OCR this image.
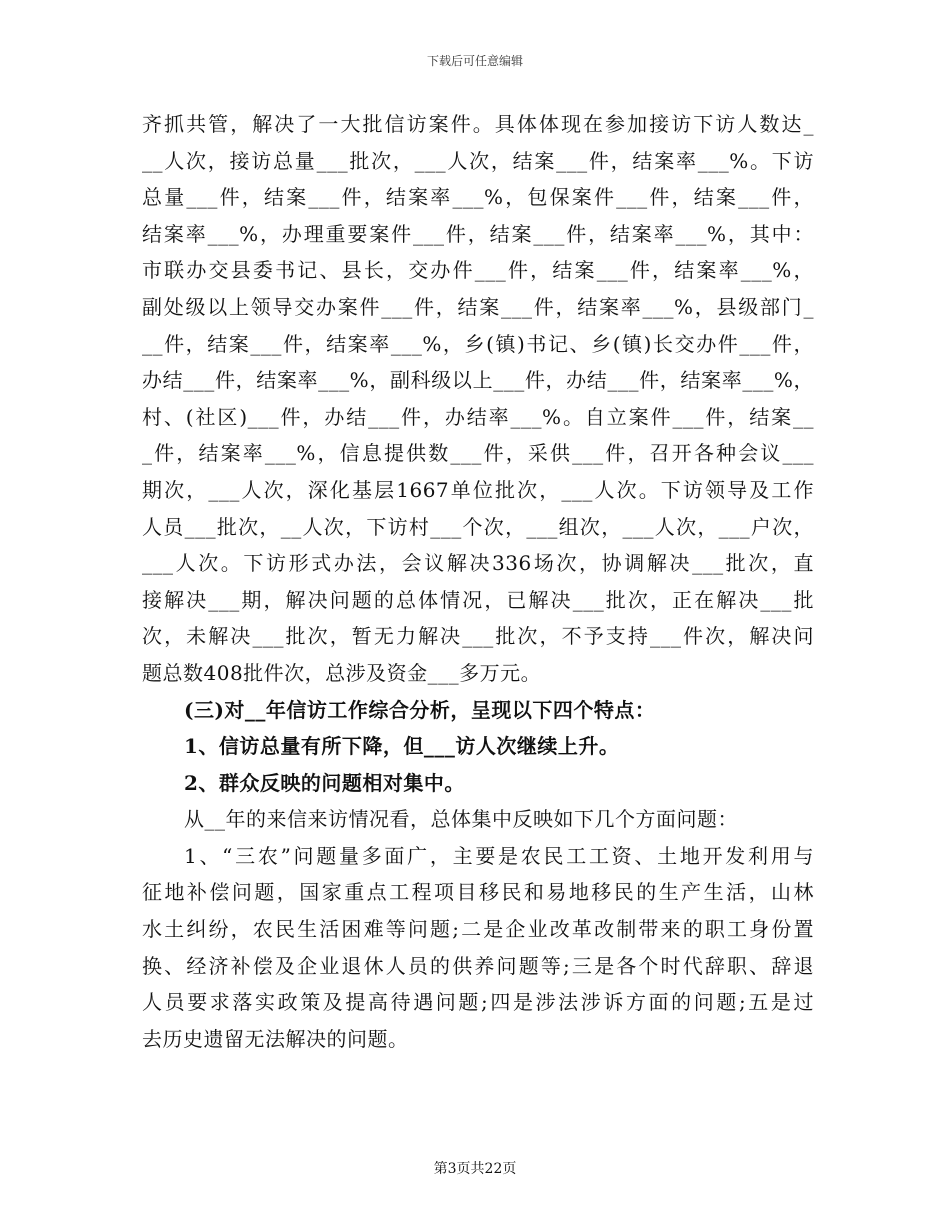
下载后可任意编辑
齐抓共管，解决了一大批信访案件。具体体现在参加接访下访人数达_
__人次，接访总量___批次，___人次，结案___件，结案率___%。下访
总量___件，结案___件，结案率___%，包保案件___件，结案___件，
结案率___%，办理重要案件___件，结案___件，结案率___%，其中：
市联办交县委书记、县长，交办件___件，结案___件，结案率___%，
副处级以上领导交办案件___件，结案___件，结案率___%，县级部门_
__件，结案___件，结案率___%，乡(镇)书记、乡(镇)长交办件___件，
办结___件，结案率___%，副科级以上___件，办结___件，结案率___%，
村、(社区)___件，办结___件，办结率___%。自立案件___件，结案__
_件，结案率___%，信息提供数___件，采供___件，召开各种会议___
期次，___人次，深化基层1667单位批次，___人次。下访领导及工作
人员___批次，__人次，下访村___个次，___组次，___人次，___户次，
___人次。下访形式办法，会议解决336场次，协调解决___批次，直
接解决___期，解决问题的总体情况，已解决___批次，正在解决___批
次，未解决___批次，暂无力解决___批次，不予支持___件次，解决问
题总数408批件次，总涉及资金___多万元。
(三)对__年信访工作综合分析，呈现以下四个特点：
1、信访总量有所下降，但___访人次继续上升。
2、群众反映的问题相对集中。
从__年的来信来访情况看，总体集中反映如下几个方面问题：
1、“三农”问题量多面广，主要是农民工工资、土地开发利用与
征地补偿问题，国家重点工程项目移民和易地移民的生产生活，山林
水土纠纷，农民生活困难等问题;二是企业改革改制带来的职工身份置
换、经济补偿及企业退休人员的供养问题等;三是各个时代辞职、辞退
人员要求落实政策及提高待遇问题;四是涉法涉诉方面的问题;五是过
去历史遗留无法解决的问题。
第3页共22页
